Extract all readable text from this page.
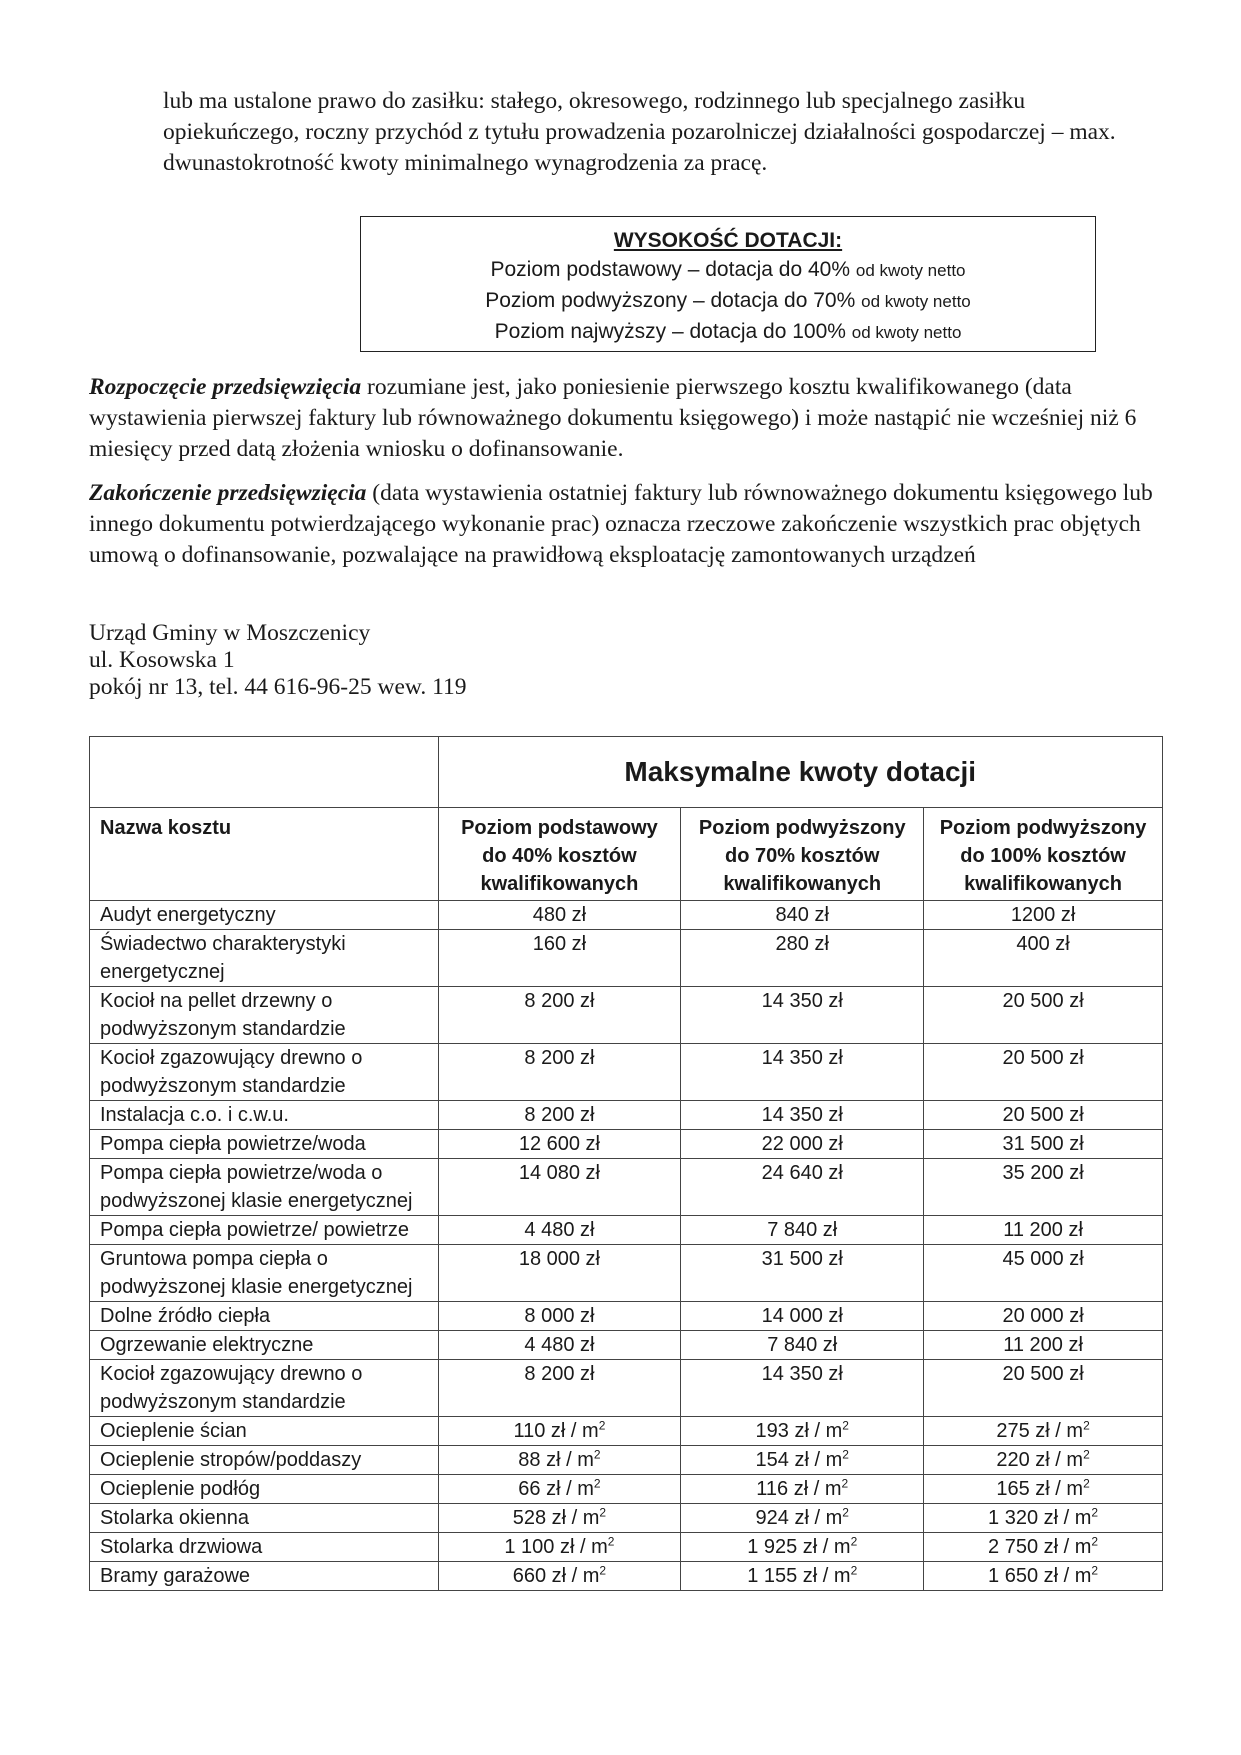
lub ma ustalone prawo do zasiłku: stałego, okresowego, rodzinnego lub specjalnego zasiłku opiekuńczego, roczny przychód z tytułu prowadzenia pozarolniczej działalności gospodarczej – max. dwunastokrotność kwoty minimalnego wynagrodzenia za pracę.
WYSOKOŚĆ DOTACJI:
Poziom podstawowy – dotacja do 40% od kwoty netto
Poziom podwyższony – dotacja do 70% od kwoty netto
Poziom najwyższy – dotacja do 100% od kwoty netto
Rozpoczęcie przedsięwzięcia rozumiane jest, jako poniesienie pierwszego kosztu kwalifikowanego (data wystawienia pierwszej faktury lub równoważnego dokumentu księgowego) i może nastąpić nie wcześniej niż 6 miesięcy przed datą złożenia wniosku o dofinansowanie.
Zakończenie przedsięwzięcia (data wystawienia ostatniej faktury lub równoważnego dokumentu księgowego lub innego dokumentu potwierdzającego wykonanie prac) oznacza rzeczowe zakończenie wszystkich prac objętych umową o dofinansowanie, pozwalające na prawidłową eksploatację zamontowanych urządzeń
Urząd Gminy w Moszczenicy
ul. Kosowska 1
pokój nr 13, tel. 44 616-96-25 wew. 119
	Maksymalne kwoty dotacji		
Nazwa kosztu	Poziom podstawowy do 40% kosztów kwalifikowanych	Poziom podwyższony do 70% kosztów kwalifikowanych	Poziom podwyższony do 100% kosztów kwalifikowanych
Audyt energetyczny	480 zł	840 zł	1200 zł
Świadectwo charakterystyki energetycznej	160 zł	280 zł	400 zł
Kocioł na pellet drzewny o podwyższonym standardzie	8 200 zł	14 350 zł	20 500 zł
Kocioł zgazowujący drewno o podwyższonym standardzie	8 200 zł	14 350 zł	20 500 zł
Instalacja c.o. i c.w.u.	8 200 zł	14 350 zł	20 500 zł
Pompa ciepła powietrze/woda	12 600 zł	22 000 zł	31 500 zł
Pompa ciepła powietrze/woda o podwyższonej klasie energetycznej	14 080 zł	24 640 zł	35 200 zł
Pompa ciepła powietrze/ powietrze	4 480 zł	7 840 zł	11 200 zł
Gruntowa pompa ciepła o podwyższonej klasie energetycznej	18 000 zł	31 500 zł	45 000 zł
Dolne źródło ciepła	8 000 zł	14 000 zł	20 000 zł
Ogrzewanie elektryczne	4 480 zł	7 840 zł	11 200 zł
Kocioł zgazowujący drewno o podwyższonym standardzie	8 200 zł	14 350 zł	20 500 zł
Ocieplenie ścian	110 zł / $m^2$	193 zł / $m^2$	275 zł / $m^2$
Ocieplenie stropów/poddaszy	88 zł / $m^2$	154 zł / $m^2$	220 zł / $m^2$
Ocieplenie podłóg	66 zł / $m^2$	116 zł / $m^2$	165 zł / $m^2$
Stolarka okienna	528 zł / $m^2$	924 zł / $m^2$	1 320 zł / $m^2$
Stolarka drzwiowa	1 100 zł / $m^2$	1 925 zł / $m^2$	2 750 zł / $m^2$
Bramy garażowe	660 zł / $m^2$	1 155 zł / $m^2$	1 650 zł / $m^2$
